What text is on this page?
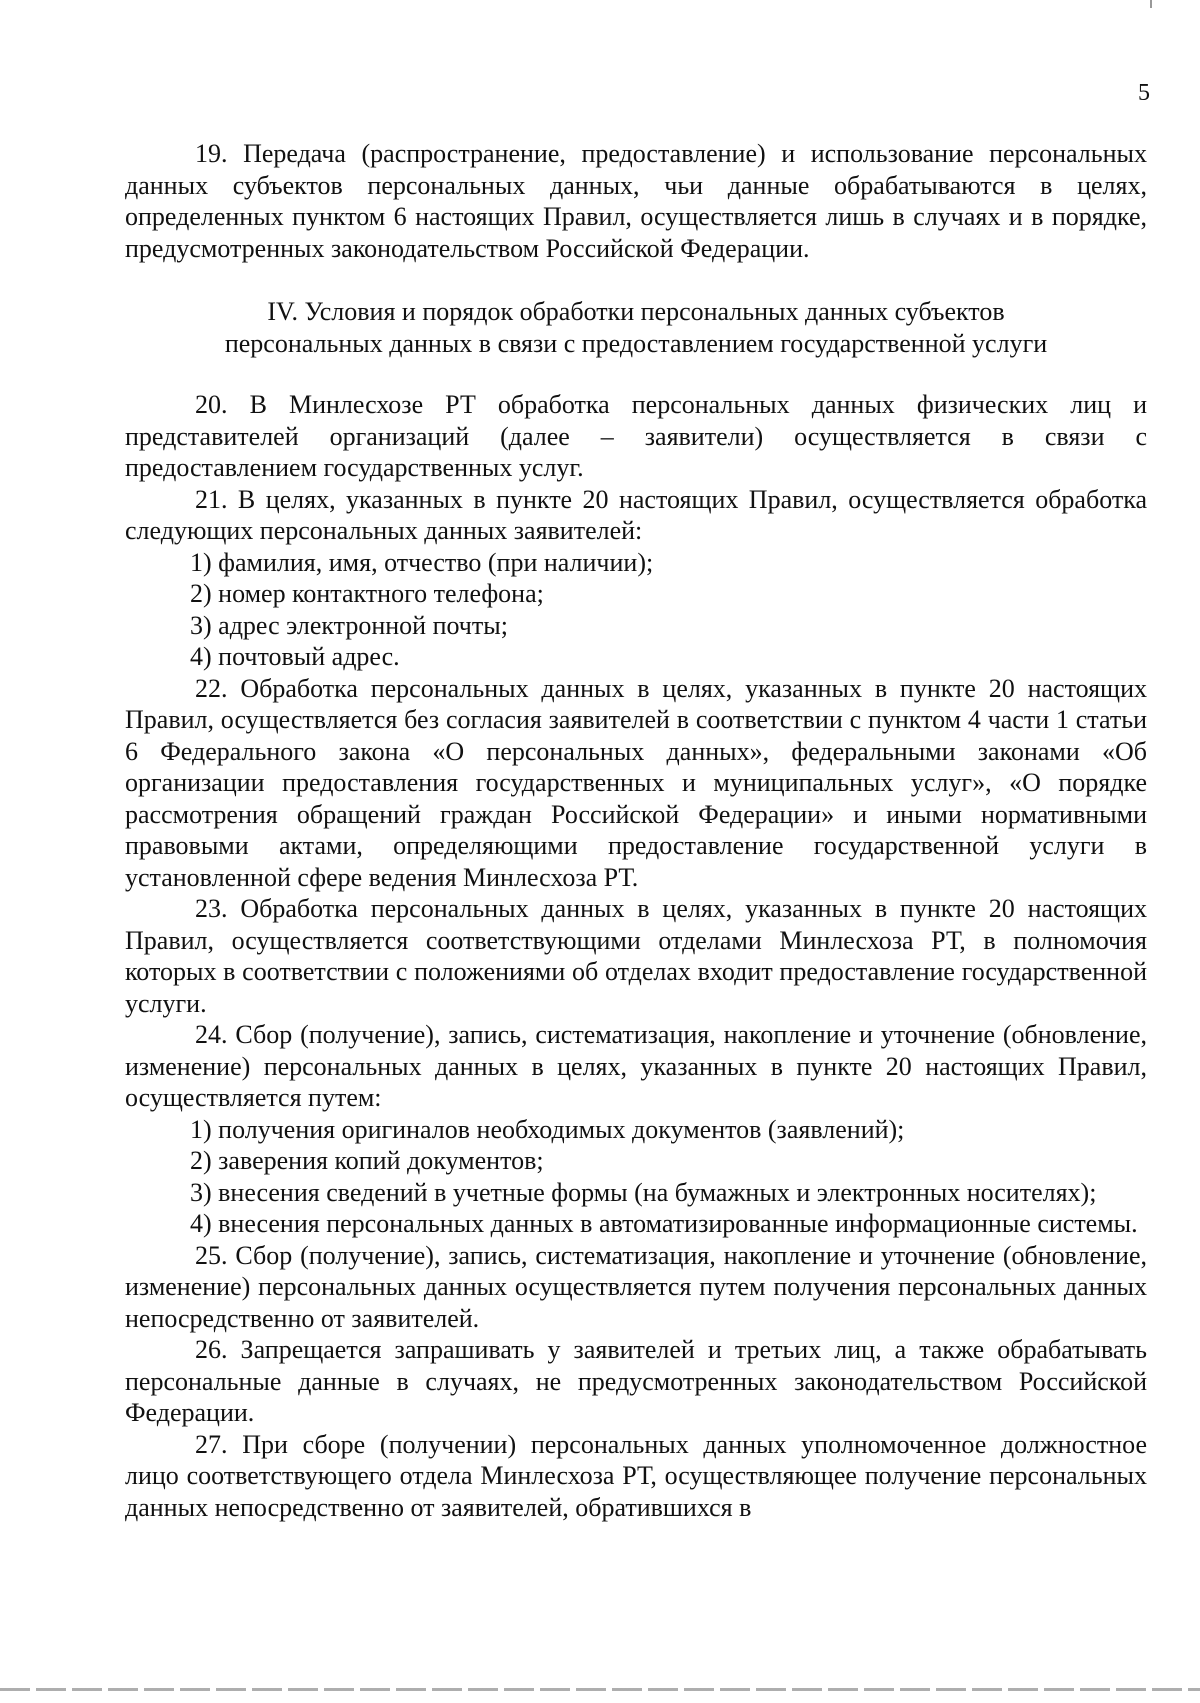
5

19. Передача (распространение, предоставление) и использование персональных данных субъектов персональных данных, чьи данные обрабатываются в целях, определенных пунктом 6 настоящих Правил, осуществляется лишь в случаях и в порядке, предусмотренных законодательством Российской Федерации.

IV. Условия и порядок обработки персональных данных субъектов
персональных данных в связи с предоставлением государственной услуги

20. В Минлесхозе РТ обработка персональных данных физических лиц и представителей организаций (далее – заявители) осуществляется в связи с предоставлением государственных услуг.

21. В целях, указанных в пункте 20 настоящих Правил, осуществляется обработка следующих персональных данных заявителей:

1) фамилия, имя, отчество (при наличии);

2) номер контактного телефона;

3) адрес электронной почты;

4) почтовый адрес.

22. Обработка персональных данных в целях, указанных в пункте 20 настоящих Правил, осуществляется без согласия заявителей в соответствии с пунктом 4 части 1 статьи 6 Федерального закона «О персональных данных», федеральными законами «Об организации предоставления государственных и муниципальных услуг», «О порядке рассмотрения обращений граждан Российской Федерации» и иными нормативными правовыми актами, определяющими предоставление государственной услуги в установленной сфере ведения Минлесхоза РТ.

23. Обработка персональных данных в целях, указанных в пункте 20 настоящих Правил, осуществляется соответствующими отделами Минлесхоза РТ, в полномочия которых в соответствии с положениями об отделах входит предоставление государственной услуги.

24. Сбор (получение), запись, систематизация, накопление и уточнение (обновление, изменение) персональных данных в целях, указанных в пункте 20 настоящих Правил, осуществляется путем:

1) получения оригиналов необходимых документов (заявлений);

2) заверения копий документов;

3) внесения сведений в учетные формы (на бумажных и электронных носителях);

4) внесения персональных данных в автоматизированные информационные системы.

25. Сбор (получение), запись, систематизация, накопление и уточнение (обновление, изменение) персональных данных осуществляется путем получения персональных данных непосредственно от заявителей.

26. Запрещается запрашивать у заявителей и третьих лиц, а также обрабатывать персональные данные в случаях, не предусмотренных законодательством Российской Федерации.

27. При сборе (получении) персональных данных уполномоченное должностное лицо соответствующего отдела Минлесхоза РТ, осуществляющее получение персональных данных непосредственно от заявителей, обратившихся в
